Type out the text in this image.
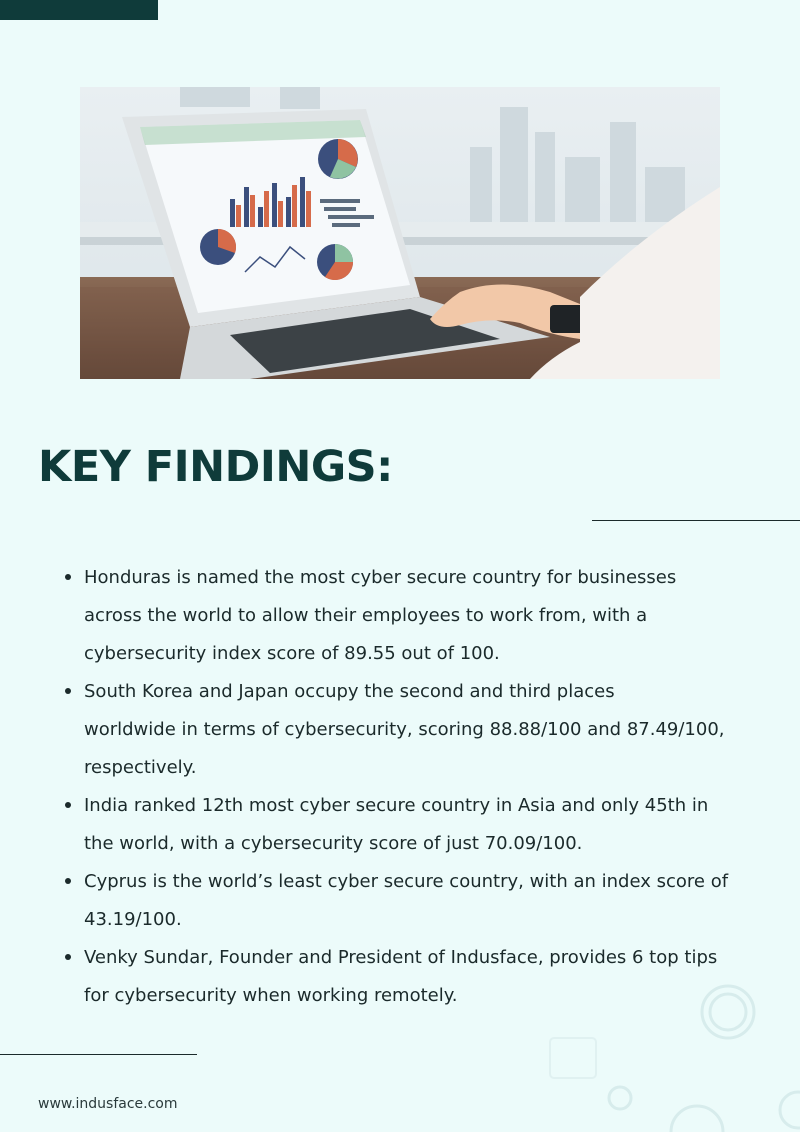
KEY FINDINGS:
Honduras is named the most cyber secure country for businesses
across the world to allow their employees to work from, with a
cybersecurity index score of 89.55 out of 100.
South Korea and Japan occupy the second and third places
worldwide in terms of cybersecurity, scoring 88.88/100 and 87.49/100,
respectively.
India ranked 12th most cyber secure country in Asia and only 45th in
the world, with a cybersecurity score of just 70.09/100.
Cyprus is the world’s least cyber secure country, with an index score of
43.19/100.
Venky Sundar, Founder and President of Indusface, provides 6 top tips
for cybersecurity when working remotely.
www.indusface.com
